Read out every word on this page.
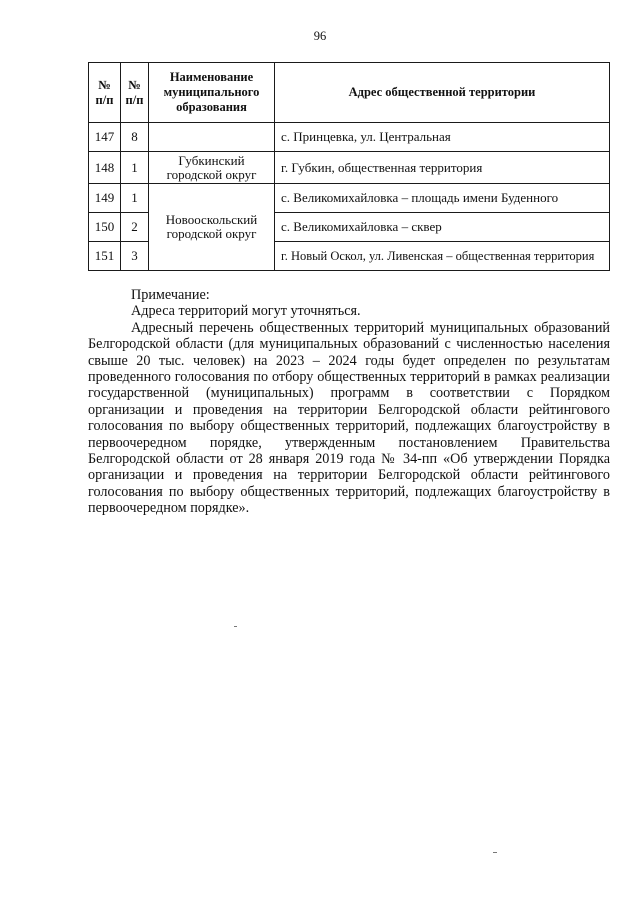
96
№ п/п	№ п/п	Наименование муниципального образования	Адрес общественной территории
147	8		с. Принцевка, ул. Центральная
148	1	Губкинский городской округ	г. Губкин, общественная территория
149	1	Новооскольский городской округ	с. Великомихайловка – площадь имени Буденного
150	2		с. Великомихайловка – сквер
151	3		г. Новый Оскол, ул. Ливенская – общественная территория

Примечание:

Адреса территорий могут уточняться.

Адресный перечень общественных территорий муниципальных образований Белгородской области (для муниципальных образований с численностью населения свыше 20 тыс. человек) на 2023 – 2024 годы будет определен по результатам проведенного голосования по отбору общественных территорий в рамках реализации государственной (муниципальных) программ в соответствии с Порядком организации и проведения на территории Белгородской области рейтингового голосования по выбору общественных территорий, подлежащих благоустройству в первоочередном порядке, утвержденным постановлением Правительства Белгородской области от 28 января 2019 года № 34-пп «Об утверждении Порядка организации и проведения на территории Белгородской области рейтингового голосования по выбору общественных территорий, подлежащих благоустройству в первоочередном порядке».
